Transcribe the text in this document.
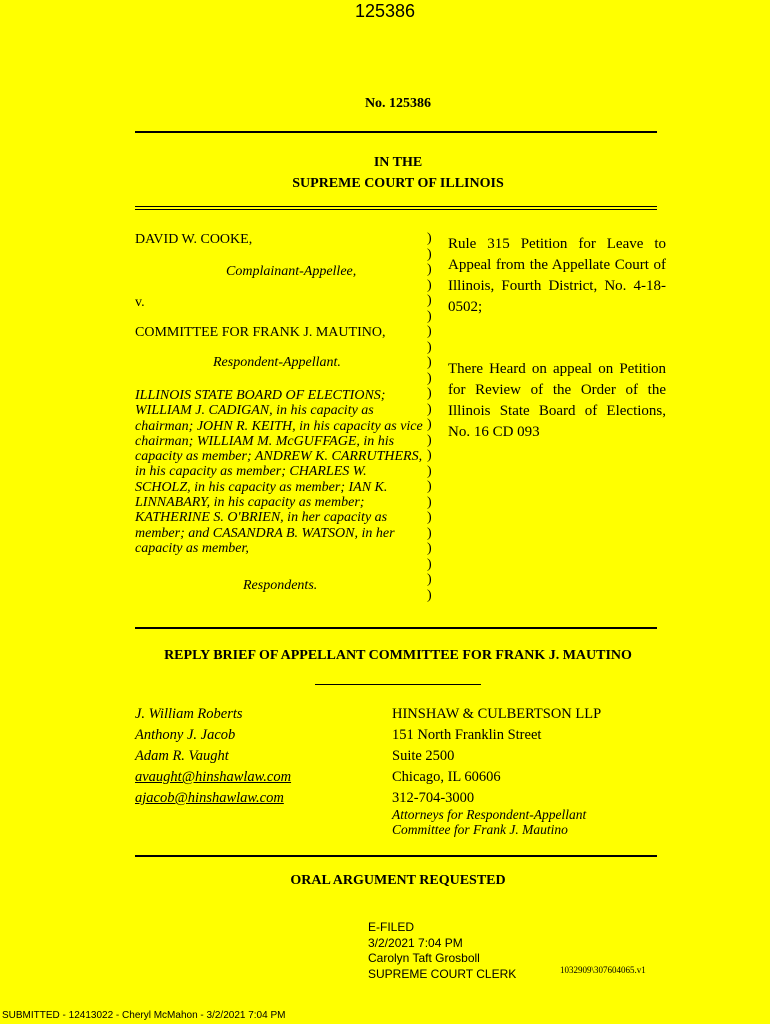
125386
No. 125386
IN THE
SUPREME COURT OF ILLINOIS
DAVID W. COOKE,
Complainant-Appellee,
v.
COMMITTEE FOR FRANK J. MAUTINO,
Respondent-Appellant.
ILLINOIS STATE BOARD OF ELECTIONS; WILLIAM J. CADIGAN, in his capacity as chairman; JOHN R. KEITH, in his capacity as vice chairman; WILLIAM M. McGUFFAGE, in his capacity as member; ANDREW K. CARRUTHERS, in his capacity as member; CHARLES W. SCHOLZ, in his capacity as member; IAN K. LINNABARY, in his capacity as member; KATHERINE S. O'BRIEN, in her capacity as member; and CASANDRA B. WATSON, in her capacity as member,
Respondents.
)
)
)
)
)
)
)
)
)
)
)
)
)
)
)
)
)
)
)
)
)
)
)
)
Rule 315 Petition for Leave to Appeal from the Appellate Court of Illinois, Fourth District, No. 4-18-0502;
There Heard on appeal on Petition for Review of the Order of the Illinois State Board of Elections, No. 16 CD 093
REPLY BRIEF OF APPELLANT COMMITTEE FOR FRANK J. MAUTINO
J. William Roberts
Anthony J. Jacob
Adam R. Vaught
avaught@hinshawlaw.com
ajacob@hinshawlaw.com
HINSHAW & CULBERTSON LLP
151 North Franklin Street
Suite 2500
Chicago, IL 60606
312-704-3000
Attorneys for Respondent-Appellant
Committee for Frank J. Mautino
ORAL ARGUMENT REQUESTED
E-FILED
3/2/2021 7:04 PM
Carolyn Taft Grosboll
SUPREME COURT CLERK	1032909\307604065.v1
SUBMITTED - 12413022 - Cheryl McMahon - 3/2/2021 7:04 PM
